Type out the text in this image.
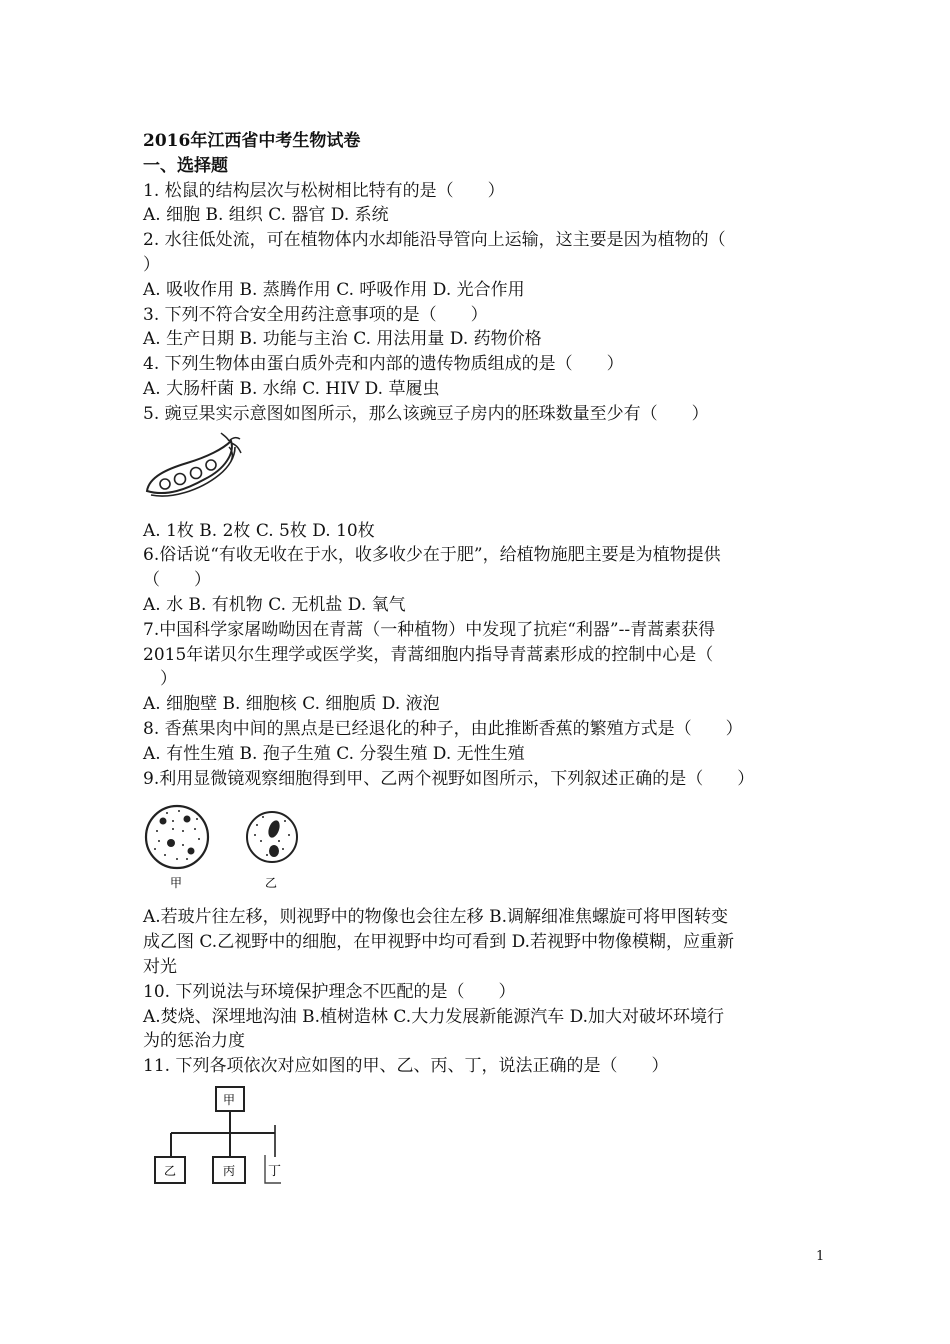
2016年江西省中考生物试卷
一、选择题
1. 松鼠的结构层次与松树相比特有的是（　　）
A. 细胞 B. 组织 C. 器官 D. 系统
2. 水往低处流，可在植物体内水却能沿导管向上运输，这主要是因为植物的（
）
A. 吸收作用 B. 蒸腾作用 C. 呼吸作用 D. 光合作用
3. 下列不符合安全用药注意事项的是（　　）
A. 生产日期 B. 功能与主治 C. 用法用量 D. 药物价格
4. 下列生物体由蛋白质外壳和内部的遗传物质组成的是（　　）
A. 大肠杆菌 B. 水绵 C. HIV D. 草履虫
5. 豌豆果实示意图如图所示，那么该豌豆子房内的胚珠数量至少有（　　）
A. 1枚 B. 2枚 C. 5枚 D. 10枚
6.俗话说“有收无收在于水，收多收少在于肥”，给植物施肥主要是为植物提供
（　　）
A. 水 B. 有机物 C. 无机盐 D. 氧气
7.中国科学家屠呦呦因在青蒿（一种植物）中发现了抗疟“利器”--青蒿素获得
2015年诺贝尔生理学或医学奖，青蒿细胞内指导青蒿素形成的控制中心是（
　）
A. 细胞壁 B. 细胞核 C. 细胞质 D. 液泡
8. 香蕉果肉中间的黑点是已经退化的种子，由此推断香蕉的繁殖方式是（　　）
A. 有性生殖 B. 孢子生殖 C. 分裂生殖 D. 无性生殖
9.利用显微镜观察细胞得到甲、乙两个视野如图所示，下列叙述正确的是（　　）
甲	乙
A.若玻片往左移，则视野中的物像也会往左移 B.调解细准焦螺旋可将甲图转变
成乙图 C.乙视野中的细胞，在甲视野中均可看到 D.若视野中物像模糊，应重新
对光
10. 下列说法与环境保护理念不匹配的是（　　）
A.焚烧、深埋地沟油 B.植树造林 C.大力发展新能源汽车 D.加大对破坏环境行
为的惩治力度
11. 下列各项依次对应如图的甲、乙、丙、丁，说法正确的是（　　）
甲
乙	丙	丁
1
